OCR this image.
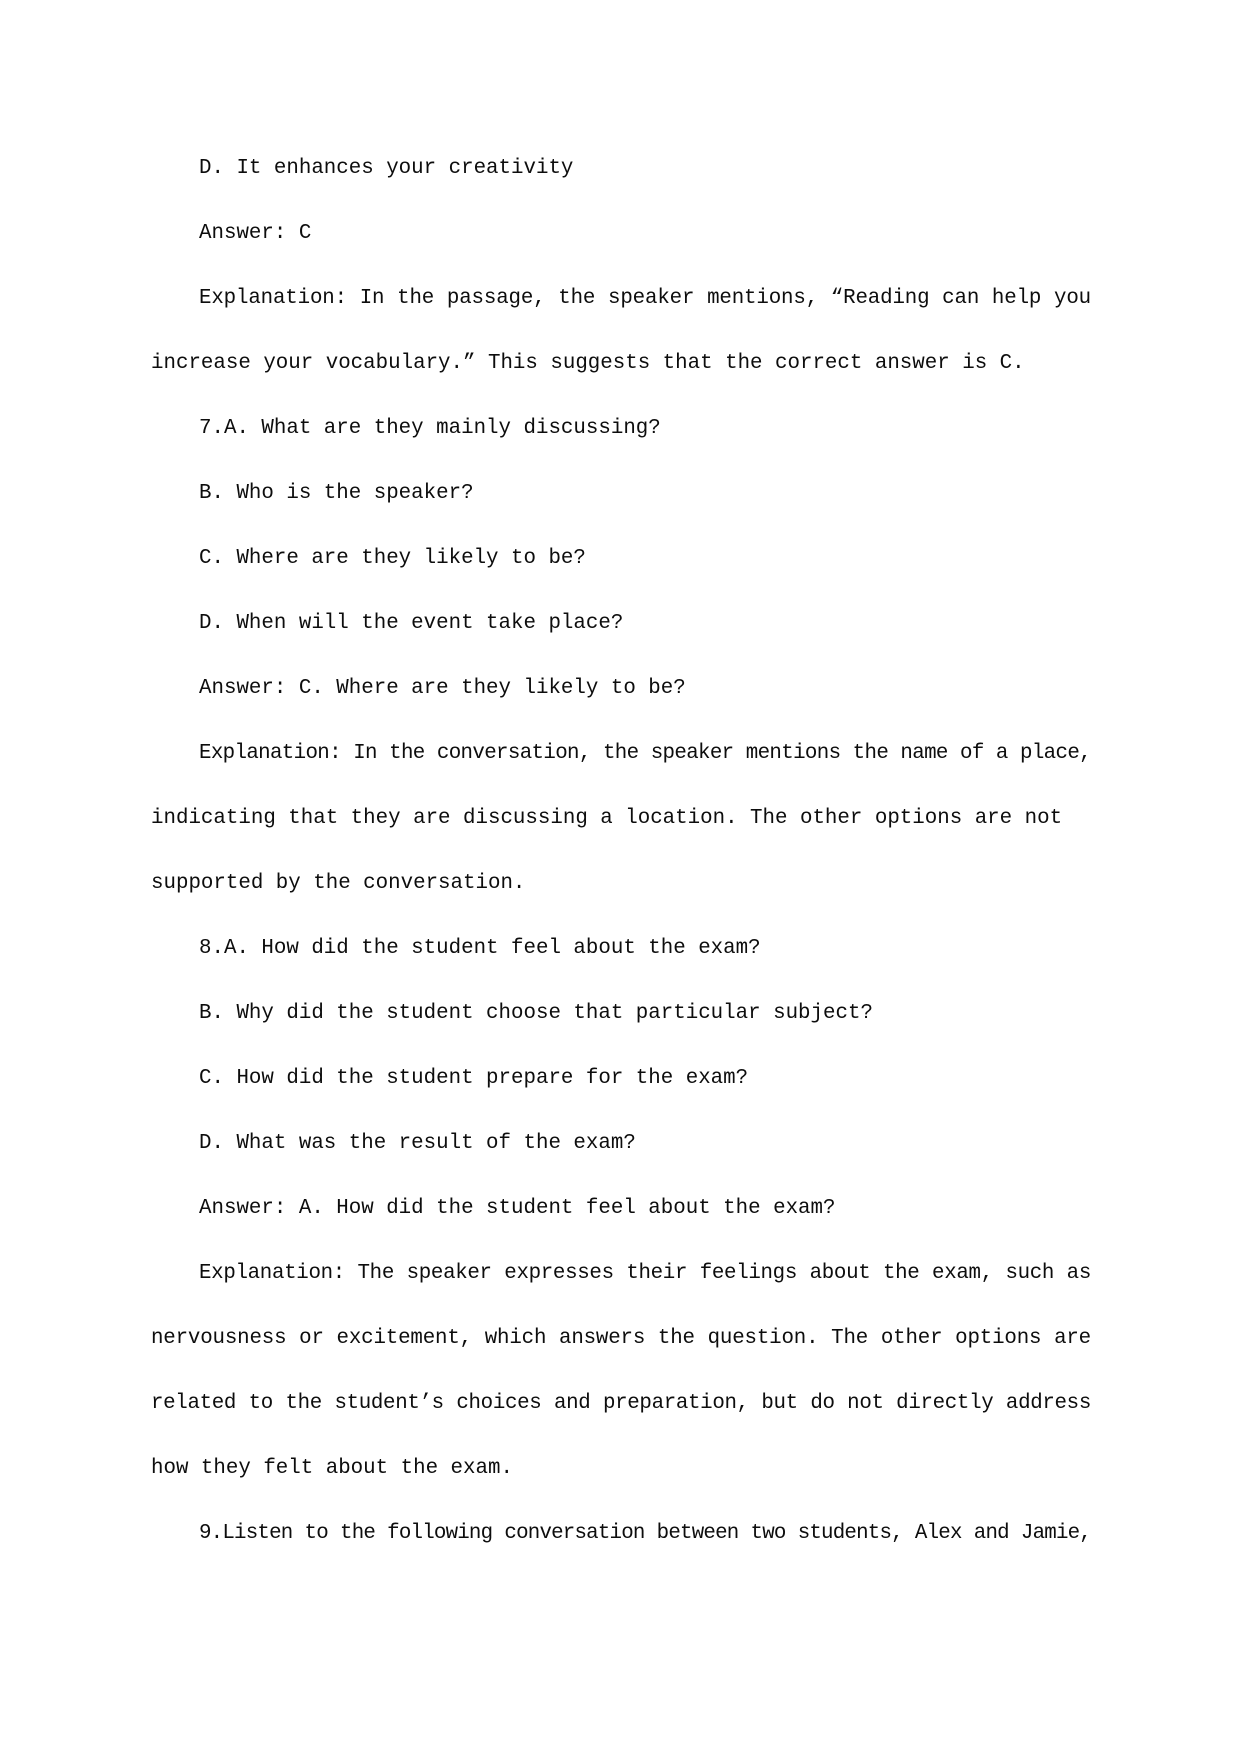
D. It enhances your creativity
Answer: C
Explanation: In the passage, the speaker mentions, “Reading can help you
increase your vocabulary.” This suggests that the correct answer is C.
7.A. What are they mainly discussing?
B. Who is the speaker?
C. Where are they likely to be?
D. When will the event take place?
Answer: C. Where are they likely to be?
Explanation: In the conversation, the speaker mentions the name of a place,
indicating that they are discussing a location. The other options are not
supported by the conversation.
8.A. How did the student feel about the exam?
B. Why did the student choose that particular subject?
C. How did the student prepare for the exam?
D. What was the result of the exam?
Answer: A. How did the student feel about the exam?
Explanation: The speaker expresses their feelings about the exam, such as
nervousness or excitement, which answers the question. The other options are
related to the student’s choices and preparation, but do not directly address
how they felt about the exam.
9.Listen to the following conversation between two students, Alex and Jamie,
